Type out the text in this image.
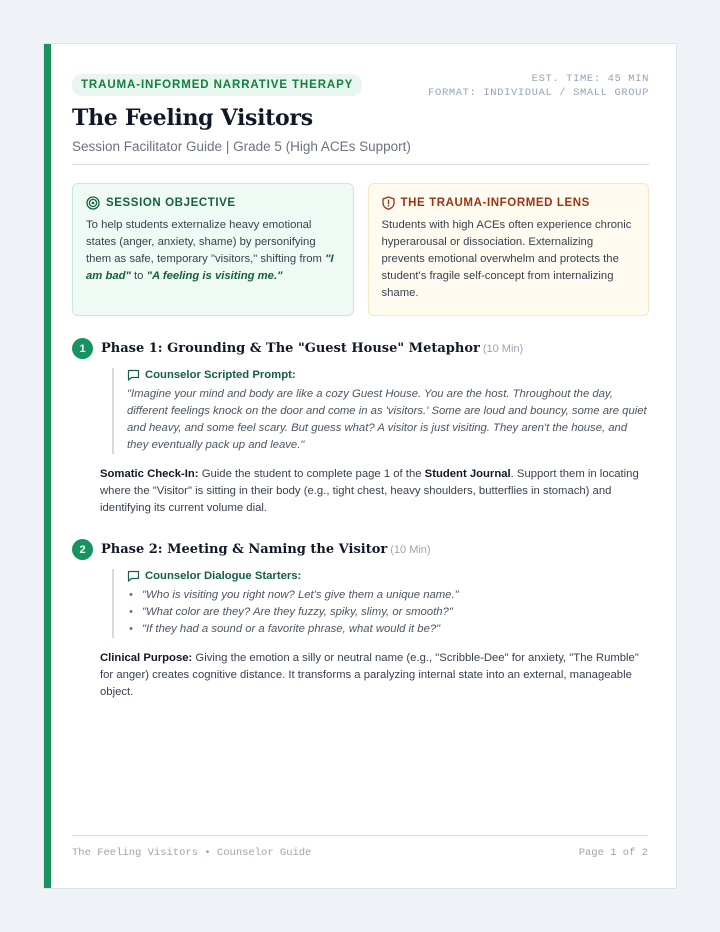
TRAUMA-INFORMED NARRATIVE THERAPY	EST. TIME: 45 MIN
FORMAT: INDIVIDUAL / SMALL GROUP
The Feeling Visitors
Session Facilitator Guide | Grade 5 (High ACEs Support)
SESSION OBJECTIVE
To help students externalize heavy emotional states (anger, anxiety, shame) by personifying them as safe, temporary "visitors," shifting from "I am bad" to "A feeling is visiting me."
THE TRAUMA-INFORMED LENS
Students with high ACEs often experience chronic hyperarousal or dissociation. Externalizing prevents emotional overwhelm and protects the student's fragile self-concept from internalizing shame.
1	Phase 1: Grounding & The "Guest House" Metaphor (10 Min)
Counselor Scripted Prompt:
"Imagine your mind and body are like a cozy Guest House. You are the host. Throughout the day, different feelings knock on the door and come in as 'visitors.' Some are loud and bouncy, some are quiet and heavy, and some feel scary. But guess what? A visitor is just visiting. They aren't the house, and they eventually pack up and leave."
Somatic Check-In: Guide the student to complete page 1 of the Student Journal. Support them in locating where the "Visitor" is sitting in their body (e.g., tight chest, heavy shoulders, butterflies in stomach) and identifying its current volume dial.
2	Phase 2: Meeting & Naming the Visitor (10 Min)
Counselor Dialogue Starters:
• "Who is visiting you right now? Let's give them a unique name."
• "What color are they? Are they fuzzy, spiky, slimy, or smooth?"
• "If they had a sound or a favorite phrase, what would it be?"
Clinical Purpose: Giving the emotion a silly or neutral name (e.g., "Scribble-Dee" for anxiety, "The Rumble" for anger) creates cognitive distance. It transforms a paralyzing internal state into an external, manageable object.
The Feeling Visitors • Counselor Guide	Page 1 of 2
